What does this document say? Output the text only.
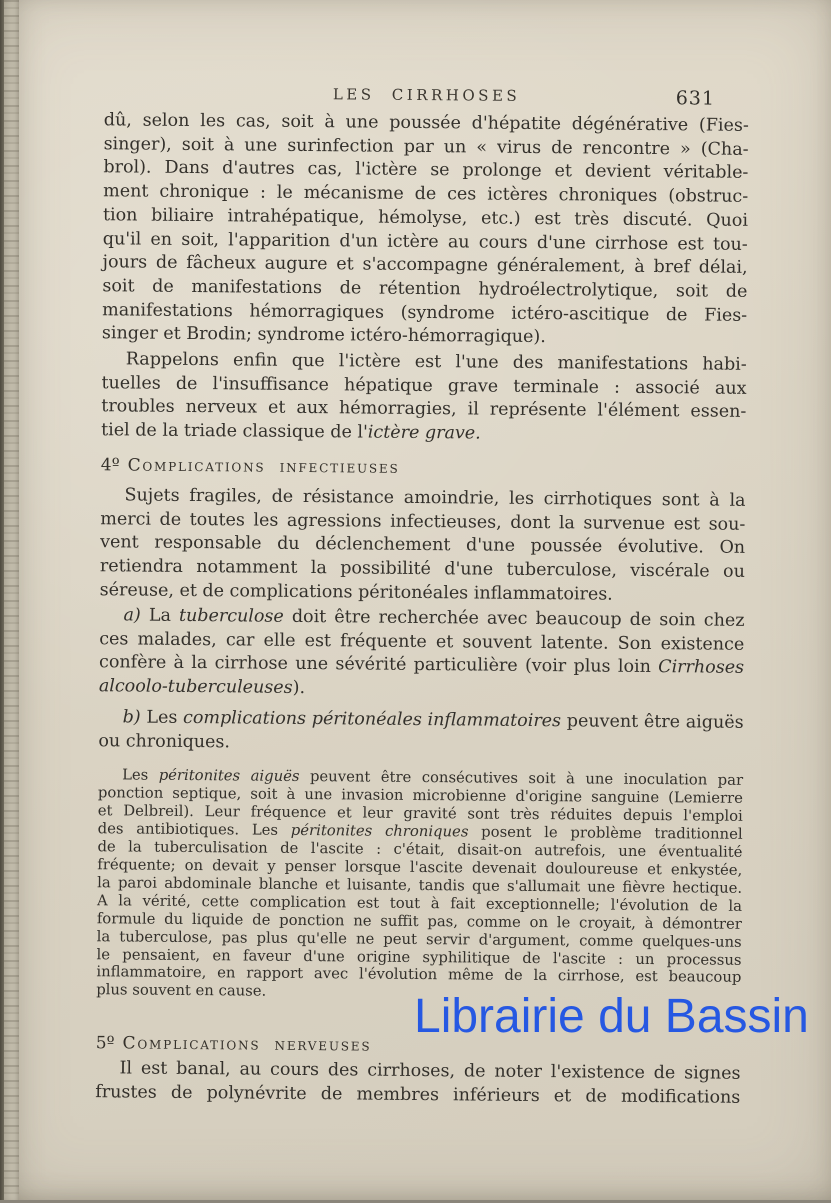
LES CIRRHOSES	631
dû, selon les cas, soit à une poussée d'hépatite dégénérative (Fies-
singer), soit à une surinfection par un « virus de rencontre » (Cha-
brol). Dans d'autres cas, l'ictère se prolonge et devient véritable-
ment chronique : le mécanisme de ces ictères chroniques (obstruc-
tion biliaire intrahépatique, hémolyse, etc.) est très discuté. Quoi
qu'il en soit, l'apparition d'un ictère au cours d'une cirrhose est tou-
jours de fâcheux augure et s'accompagne généralement, à bref délai,
soit de manifestations de rétention hydroélectrolytique, soit de
manifestations hémorragiques (syndrome ictéro-ascitique de Fies-
singer et Brodin; syndrome ictéro-hémorragique).
Rappelons enfin que l'ictère est l'une des manifestations habi-
tuelles de l'insuffisance hépatique grave terminale : associé aux
troubles nerveux et aux hémorragies, il représente l'élément essen-
tiel de la triade classique de l'ictère grave.
4º Complications infectieuses
Sujets fragiles, de résistance amoindrie, les cirrhotiques sont à la
merci de toutes les agressions infectieuses, dont la survenue est sou-
vent responsable du déclenchement d'une poussée évolutive. On
retiendra notamment la possibilité d'une tuberculose, viscérale ou
séreuse, et de complications péritonéales inflammatoires.
a) La tuberculose doit être recherchée avec beaucoup de soin chez
ces malades, car elle est fréquente et souvent latente. Son existence
confère à la cirrhose une sévérité particulière (voir plus loin Cirrhoses
alcoolo-tuberculeuses).
b) Les complications péritonéales inflammatoires peuvent être aiguës
ou chroniques.
Les péritonites aiguës peuvent être consécutives soit à une inoculation par
ponction septique, soit à une invasion microbienne d'origine sanguine (Lemierre
et Delbreil). Leur fréquence et leur gravité sont très réduites depuis l'emploi
des antibiotiques. Les péritonites chroniques posent le problème traditionnel
de la tuberculisation de l'ascite : c'était, disait-on autrefois, une éventualité
fréquente; on devait y penser lorsque l'ascite devenait douloureuse et enkystée,
la paroi abdominale blanche et luisante, tandis que s'allumait une fièvre hectique.
A la vérité, cette complication est tout à fait exceptionnelle; l'évolution de la
formule du liquide de ponction ne suffit pas, comme on le croyait, à démontrer
la tuberculose, pas plus qu'elle ne peut servir d'argument, comme quelques-uns
le pensaient, en faveur d'une origine syphilitique de l'ascite : un processus
inflammatoire, en rapport avec l'évolution même de la cirrhose, est beaucoup
plus souvent en cause.
5º Complications nerveuses
Il est banal, au cours des cirrhoses, de noter l'existence de signes
frustes de polynévrite de membres inférieurs et de modifications
Librairie du Bassin
